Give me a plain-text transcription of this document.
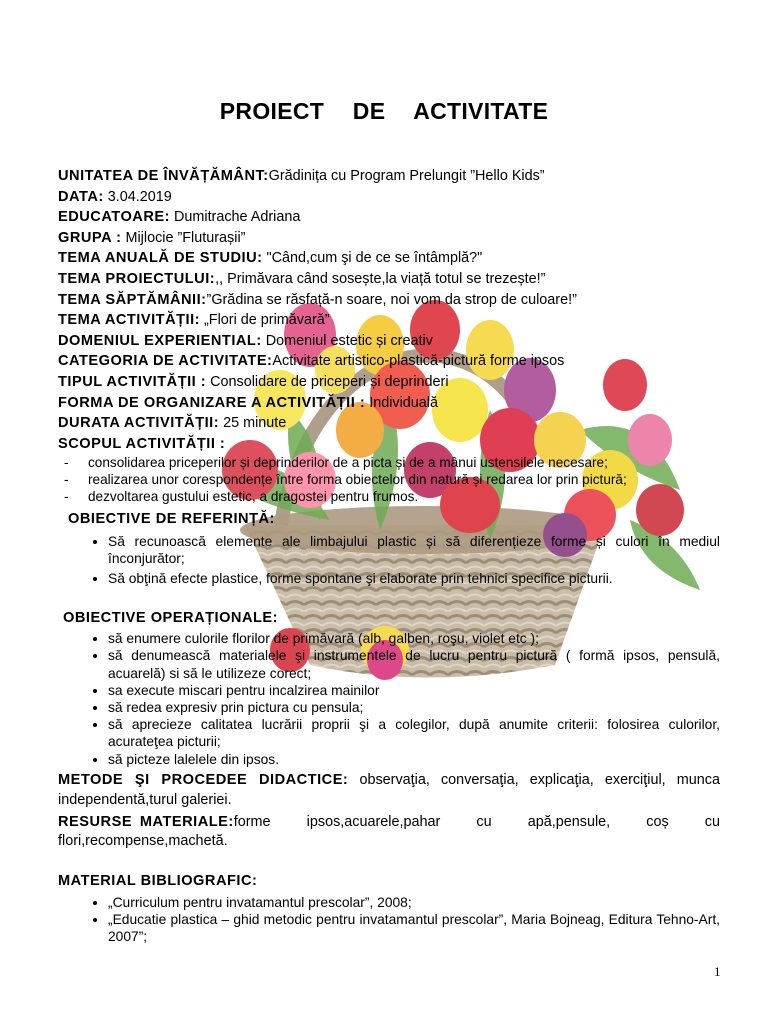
PROIECT DE ACTIVITATE
UNITATEA DE ÎNVĂȚĂMÂNT:Grădinița cu Program Prelungit ”Hello Kids”
DATA: 3.04.2019
EDUCATOARE: Dumitrache Adriana
GRUPA : Mijlocie ”Fluturașii”
TEMA ANUALĂ DE STUDIU: "Când,cum şi de ce se întâmplă?"
TEMA PROIECTULUI:,, Primăvara când sosește,la viață totul se trezește!”
TEMA SĂPTĂMÂNII:”Grădina se răsfață-n soare, noi vom da strop de culoare!”
TEMA ACTIVITĂȚII: „Flori de primăvară”
DOMENIUL EXPERIENTIAL: Domeniul estetic și creativ
CATEGORIA DE ACTIVITATE:Activitate artistico-plastică-pictură forme ipsos
TIPUL ACTIVITĂȚII : Consolidare de priceperi și deprinderi
FORMA DE ORGANIZARE A ACTIVITĂȚII : Individuală
DURATA ACTIVITĂȚII: 25 minute
SCOPUL ACTIVITĂȚII :
- consolidarea priceperilor și deprinderilor de a picta și de a mânui ustensilele necesare;
- realizarea unor corespondențe între forma obiectelor din natură și redarea lor prin pictură;
- dezvoltarea gustului estetic, a dragostei pentru frumos.
OBIECTIVE DE REFERINȚĂ:
• Să recunoască elemente ale limbajului plastic și să diferențieze forme și culori în mediul înconjurător;
• Să obţină efecte plastice, forme spontane şi elaborate prin tehnici specifice picturii.
OBIECTIVE OPERAȚIONALE:
• să enumere culorile florilor de primăvară (alb, galben, roşu, violet etc );
• să denumească materialele şi instrumentele de lucru pentru pictură ( formă ipsos, pensulă, acuarelă) si să le utilizeze corect;
• sa execute miscari pentru incalzirea mainilor
• să redea expresiv prin pictura cu pensula;
• să aprecieze calitatea lucrării proprii şi a colegilor, după anumite criterii: folosirea culorilor, acurateţea picturii;
• să picteze lalelele din ipsos.
METODE ŞI PROCEDEE DIDACTICE: observaţia, conversaţia, explicaţia, exerciţiul, munca independentă,turul galeriei.
RESURSE MATERIALE:forme     ipsos,acuarele,pahar     cu     apă,pensule,     coș     cu flori,recompense,machetă.
MATERIAL BIBLIOGRAFIC:
• „Curriculum pentru invatamantul prescolar”, 2008;
• „Educatie plastica – ghid metodic pentru invatamantul prescolar”, Maria Bojneag, Editura Tehno-Art, 2007”;
1
